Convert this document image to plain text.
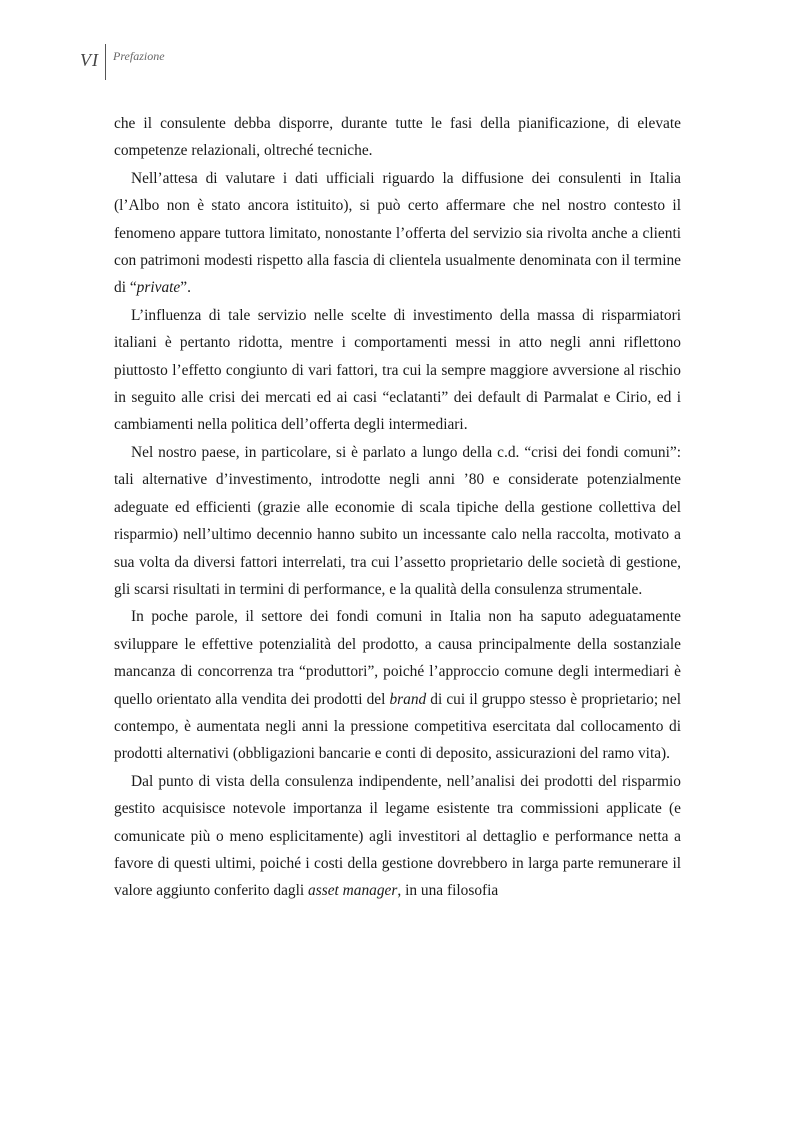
VI Prefazione

che il consulente debba disporre, durante tutte le fasi della pianificazione, di elevate competenze relazionali, oltreché tecniche.

Nell’attesa di valutare i dati ufficiali riguardo la diffusione dei consulenti in Italia (l’Albo non è stato ancora istituito), si può certo affermare che nel nostro contesto il fenomeno appare tuttora limitato, nonostante l’offerta del servizio sia rivolta anche a clienti con patrimoni modesti rispetto alla fascia di clientela usualmente denominata con il termine di “private”.

L’influenza di tale servizio nelle scelte di investimento della massa di risparmiatori italiani è pertanto ridotta, mentre i comportamenti messi in atto negli anni riflettono piuttosto l’effetto congiunto di vari fattori, tra cui la sempre maggiore avversione al rischio in seguito alle crisi dei mercati ed ai casi “eclatanti” dei default di Parmalat e Cirio, ed i cambiamenti nella politica dell’offerta degli intermediari.

Nel nostro paese, in particolare, si è parlato a lungo della c.d. “crisi dei fondi comuni”: tali alternative d’investimento, introdotte negli anni ’80 e considerate potenzialmente adeguate ed efficienti (grazie alle economie di scala tipiche della gestione collettiva del risparmio) nell’ultimo decennio hanno subito un incessante calo nella raccolta, motivato a sua volta da diversi fattori interrelati, tra cui l’assetto proprietario delle società di gestione, gli scarsi risultati in termini di performance, e la qualità della consulenza strumentale.

In poche parole, il settore dei fondi comuni in Italia non ha saputo adeguatamente sviluppare le effettive potenzialità del prodotto, a causa principalmente della sostanziale mancanza di concorrenza tra “produttori”, poiché l’approccio comune degli intermediari è quello orientato alla vendita dei prodotti del brand di cui il gruppo stesso è proprietario; nel contempo, è aumentata negli anni la pressione competitiva esercitata dal collocamento di prodotti alternativi (obbligazioni bancarie e conti di deposito, assicurazioni del ramo vita).

Dal punto di vista della consulenza indipendente, nell’analisi dei prodotti del risparmio gestito acquisisce notevole importanza il legame esistente tra commissioni applicate (e comunicate più o meno esplicitamente) agli investitori al dettaglio e performance netta a favore di questi ultimi, poiché i costi della gestione dovrebbero in larga parte remunerare il valore aggiunto conferito dagli asset manager, in una filosofia
